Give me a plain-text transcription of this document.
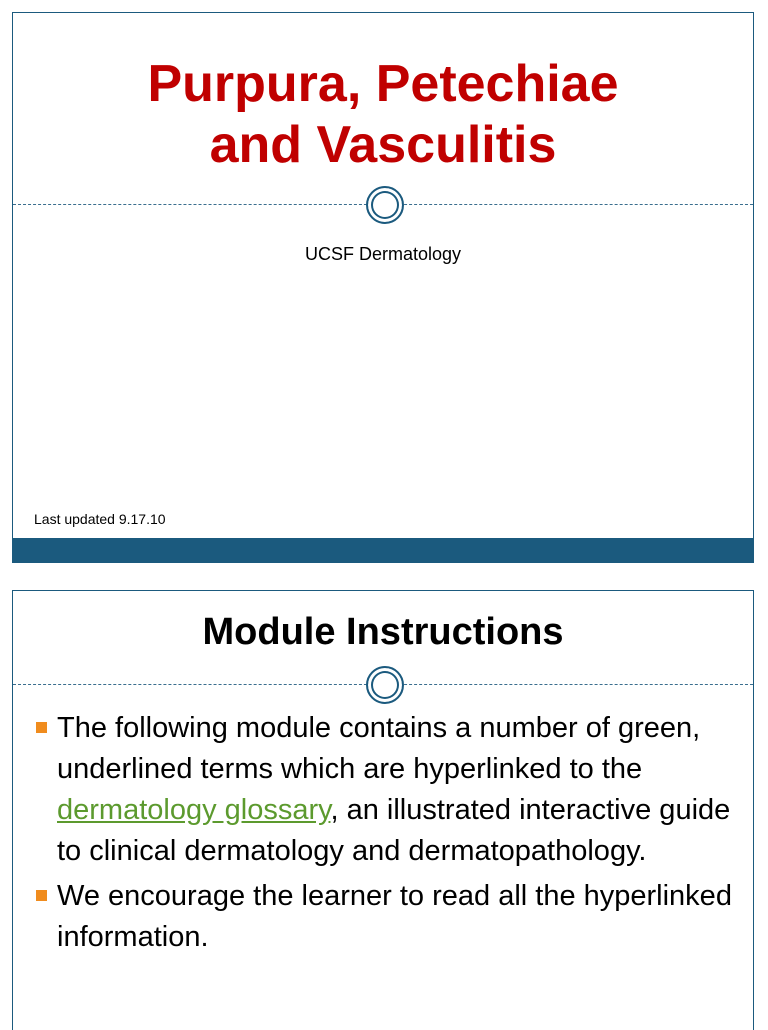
Purpura, Petechiae
and Vasculitis
UCSF Dermatology
Last updated 9.17.10
Module Instructions
The following module contains a number of green, underlined terms which are hyperlinked to the dermatology glossary, an illustrated interactive guide to clinical dermatology and dermatopathology.
We encourage the learner to read all the hyperlinked information.
